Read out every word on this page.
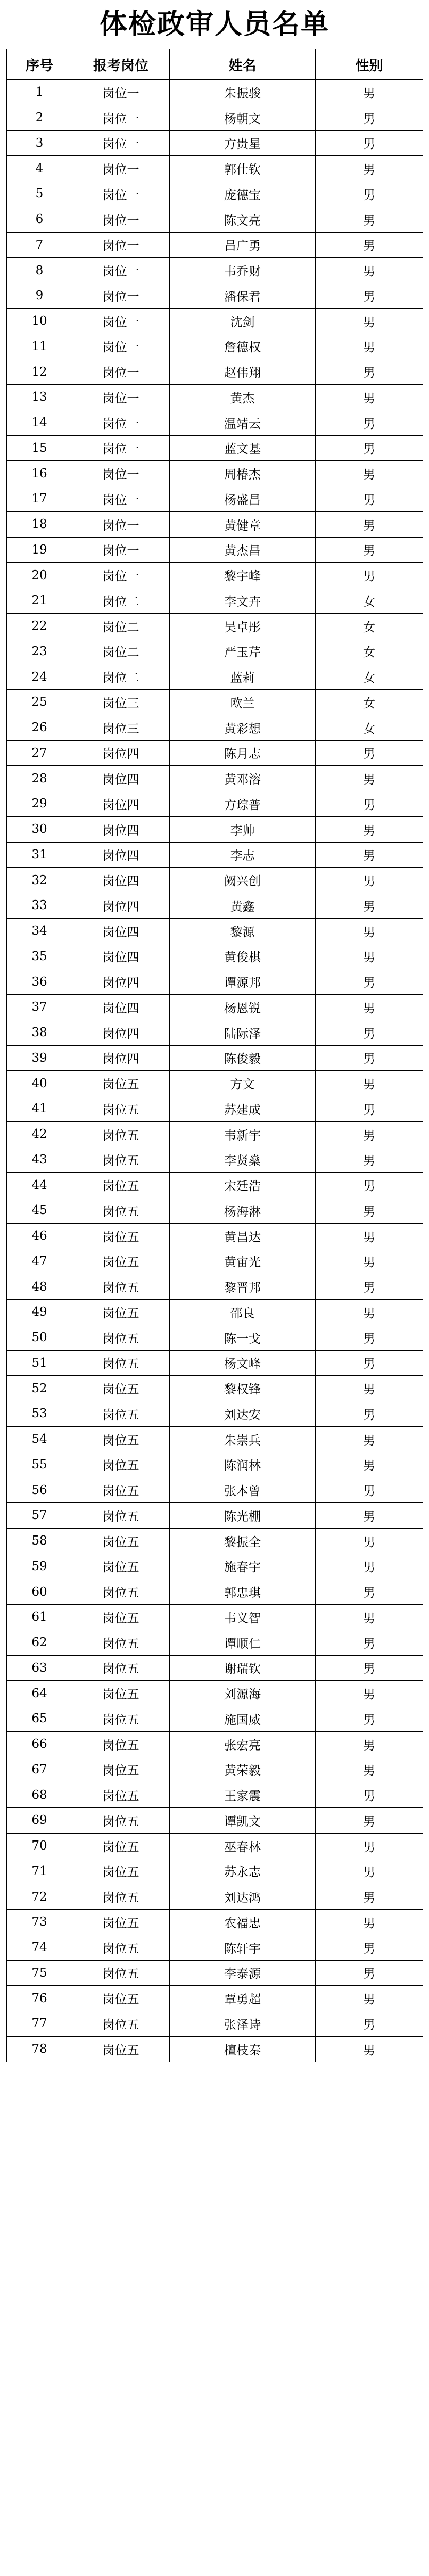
体检政审人员名单
序号	报考岗位	姓名	性别
1	岗位一	朱振骏	男
2	岗位一	杨朝文	男
3	岗位一	方贵星	男
4	岗位一	郭仕钦	男
5	岗位一	庞德宝	男
6	岗位一	陈文亮	男
7	岗位一	吕广勇	男
8	岗位一	韦乔财	男
9	岗位一	潘保君	男
10	岗位一	沈剑	男
11	岗位一	詹德权	男
12	岗位一	赵伟翔	男
13	岗位一	黄杰	男
14	岗位一	温靖云	男
15	岗位一	蓝文基	男
16	岗位一	周椿杰	男
17	岗位一	杨盛昌	男
18	岗位一	黄健章	男
19	岗位一	黄杰昌	男
20	岗位一	黎宇峰	男
21	岗位二	李文卉	女
22	岗位二	吴卓彤	女
23	岗位二	严玉芹	女
24	岗位二	蓝莉	女
25	岗位三	欧兰	女
26	岗位三	黄彩想	女
27	岗位四	陈月志	男
28	岗位四	黄邓溶	男
29	岗位四	方琮普	男
30	岗位四	李帅	男
31	岗位四	李志	男
32	岗位四	阙兴创	男
33	岗位四	黄鑫	男
34	岗位四	黎源	男
35	岗位四	黄俊棋	男
36	岗位四	谭源邦	男
37	岗位四	杨恩锐	男
38	岗位四	陆际泽	男
39	岗位四	陈俊毅	男
40	岗位五	方文	男
41	岗位五	苏建成	男
42	岗位五	韦新宇	男
43	岗位五	李贤燊	男
44	岗位五	宋廷浩	男
45	岗位五	杨海淋	男
46	岗位五	黄昌达	男
47	岗位五	黄宙光	男
48	岗位五	黎晋邦	男
49	岗位五	邵良	男
50	岗位五	陈一戈	男
51	岗位五	杨文峰	男
52	岗位五	黎权锋	男
53	岗位五	刘达安	男
54	岗位五	朱崇兵	男
55	岗位五	陈润林	男
56	岗位五	张本曾	男
57	岗位五	陈光棚	男
58	岗位五	黎振全	男
59	岗位五	施春宇	男
60	岗位五	郭忠琪	男
61	岗位五	韦义智	男
62	岗位五	谭顺仁	男
63	岗位五	谢瑞钦	男
64	岗位五	刘源海	男
65	岗位五	施国威	男
66	岗位五	张宏亮	男
67	岗位五	黄荣毅	男
68	岗位五	王家震	男
69	岗位五	谭凯文	男
70	岗位五	巫春林	男
71	岗位五	苏永志	男
72	岗位五	刘达鸿	男
73	岗位五	农福忠	男
74	岗位五	陈轩宇	男
75	岗位五	李泰源	男
76	岗位五	覃勇超	男
77	岗位五	张泽诗	男
78	岗位五	檀枝秦	男
